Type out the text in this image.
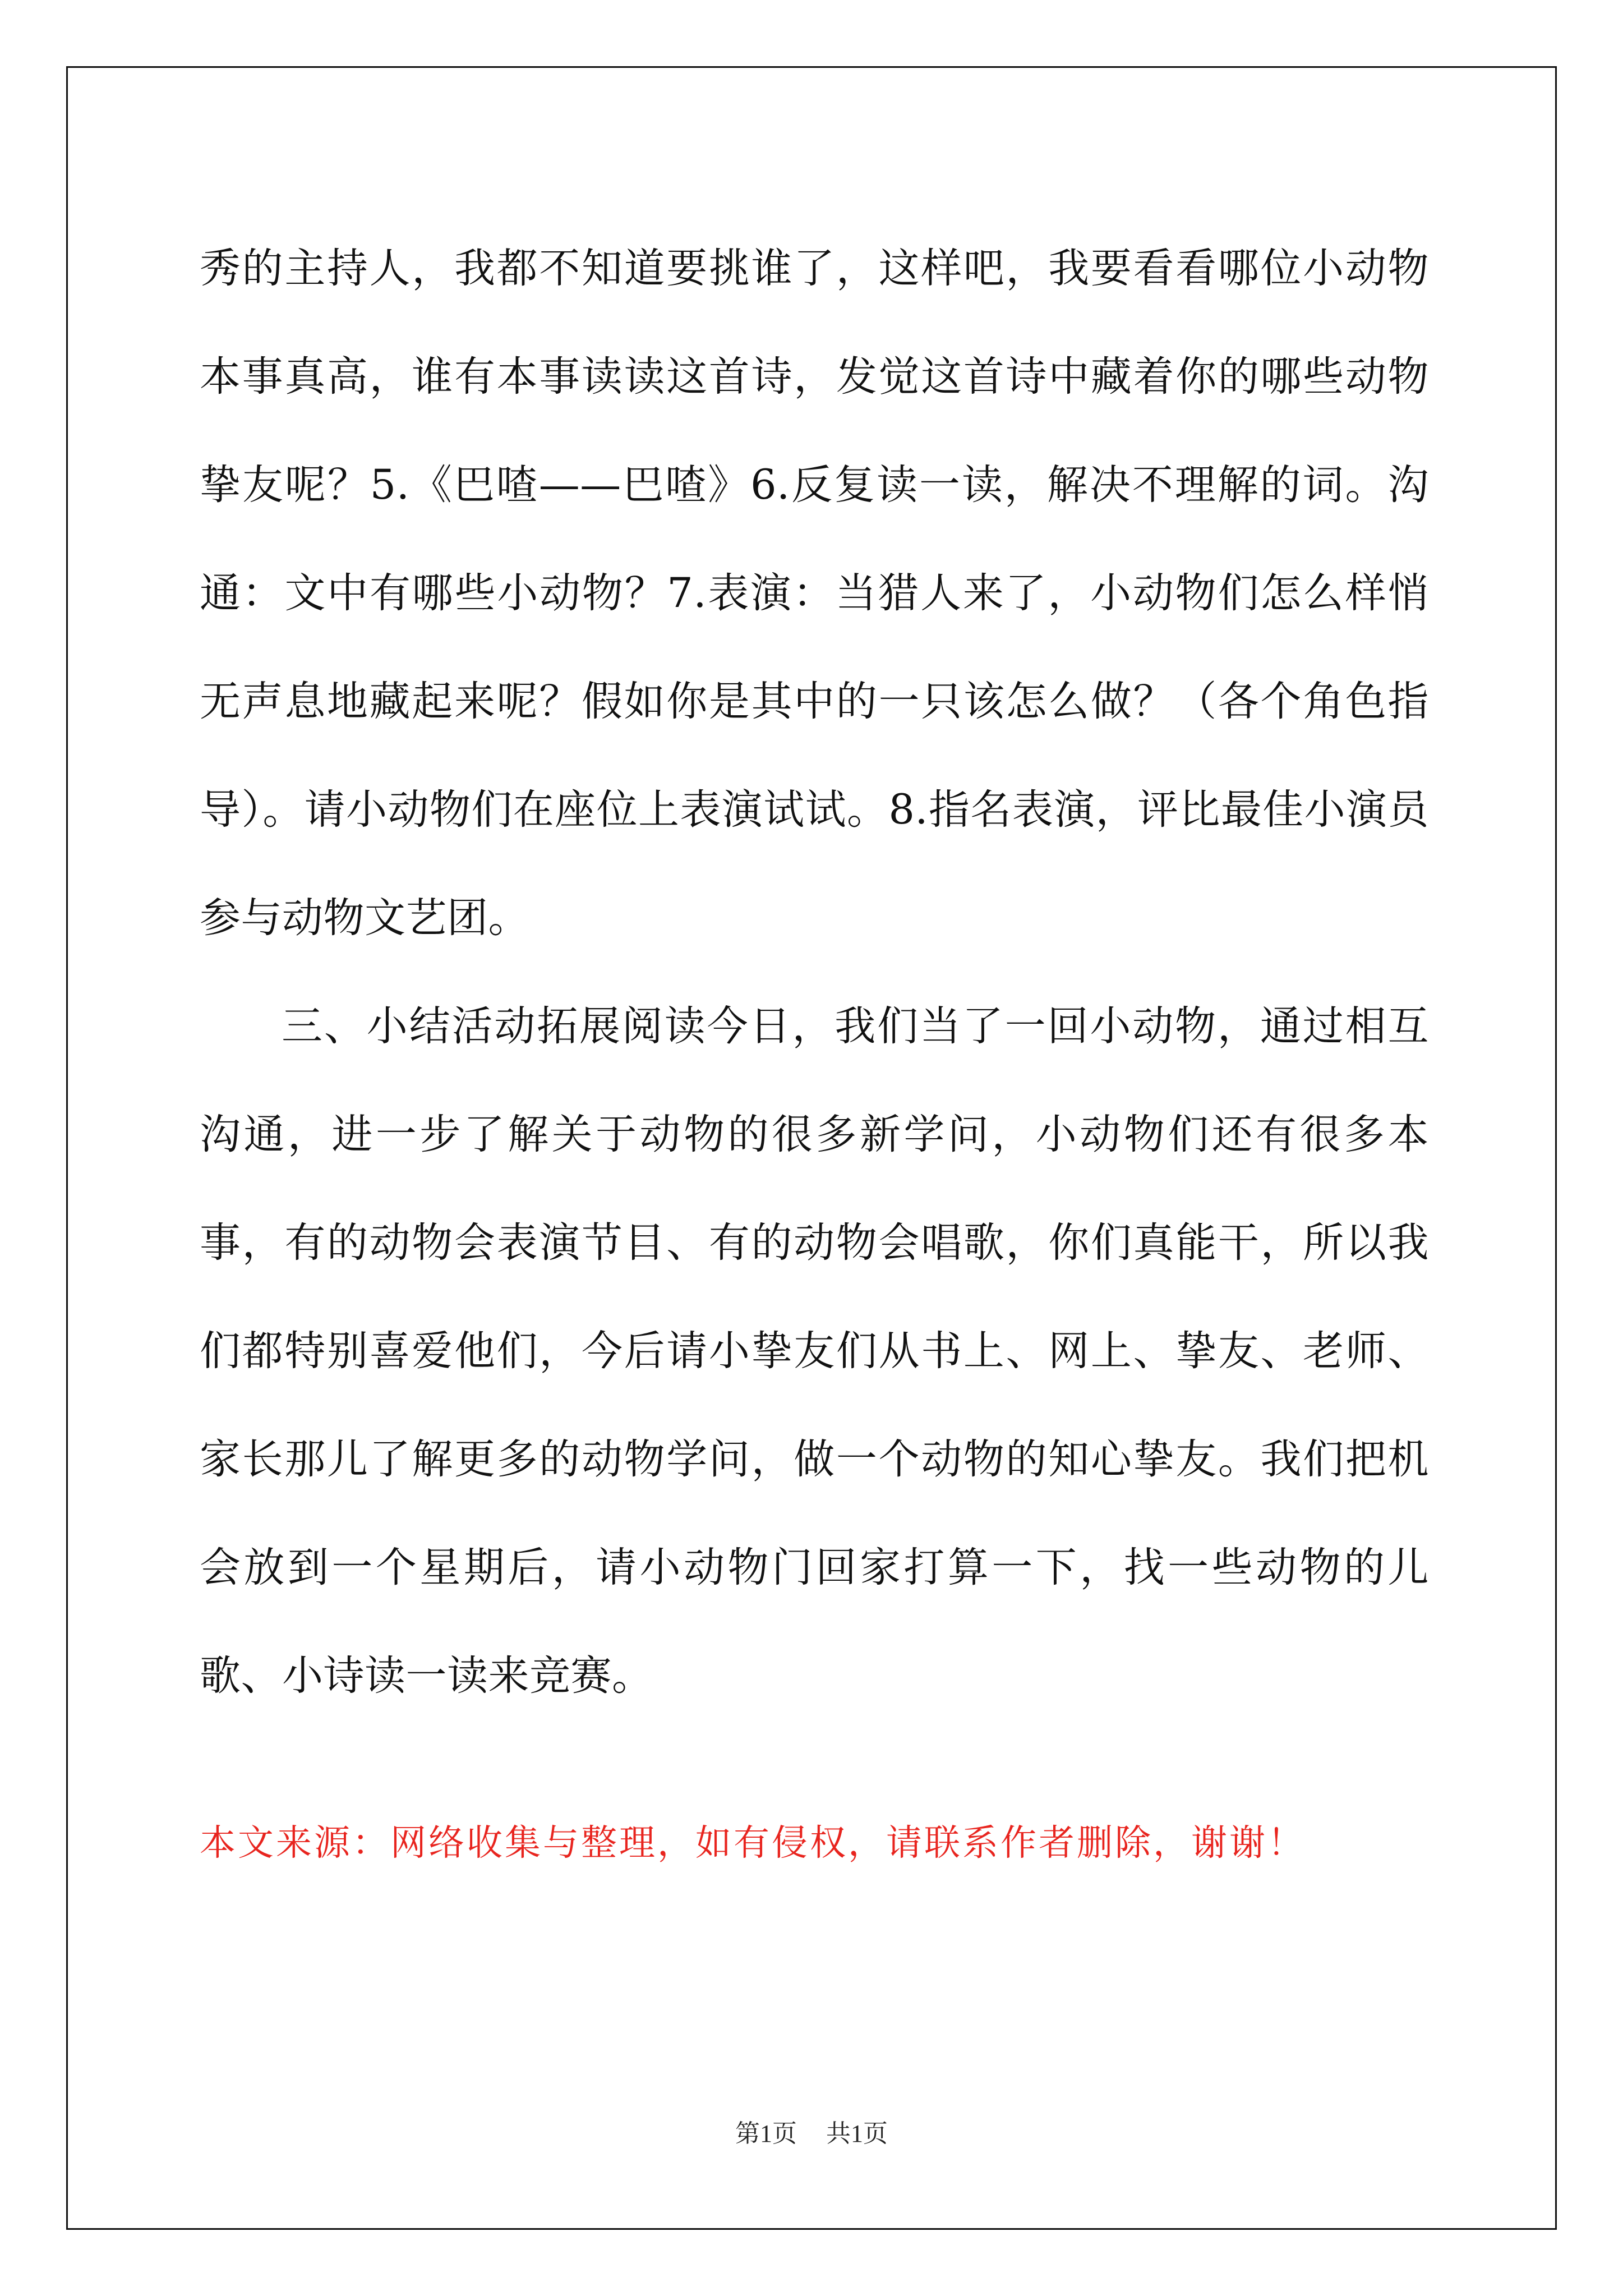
秀的主持人，我都不知道要挑谁了，这样吧，我要看看哪位小动物本事真高，谁有本事读读这首诗，发觉这首诗中藏着你的哪些动物挚友呢？5.《巴喳——巴喳》6.反复读一读，解决不理解的词。沟通：文中有哪些小动物？7.表演：当猎人来了，小动物们怎么样悄无声息地藏起来呢？假如你是其中的一只该怎么做？（各个角色指导）。请小动物们在座位上表演试试。8.指名表演，评比最佳小演员参与动物文艺团。

三、小结活动拓展阅读今日，我们当了一回小动物，通过相互沟通，进一步了解关于动物的很多新学问，小动物们还有很多本事，有的动物会表演节目、有的动物会唱歌，你们真能干，所以我们都特别喜爱他们，今后请小挚友们从书上、网上、挚友、老师、家长那儿了解更多的动物学问，做一个动物的知心挚友。我们把机会放到一个星期后，请小动物门回家打算一下，找一些动物的儿歌、小诗读一读来竞赛。

本文来源：网络收集与整理，如有侵权，请联系作者删除，谢谢！

第1页 共1页
